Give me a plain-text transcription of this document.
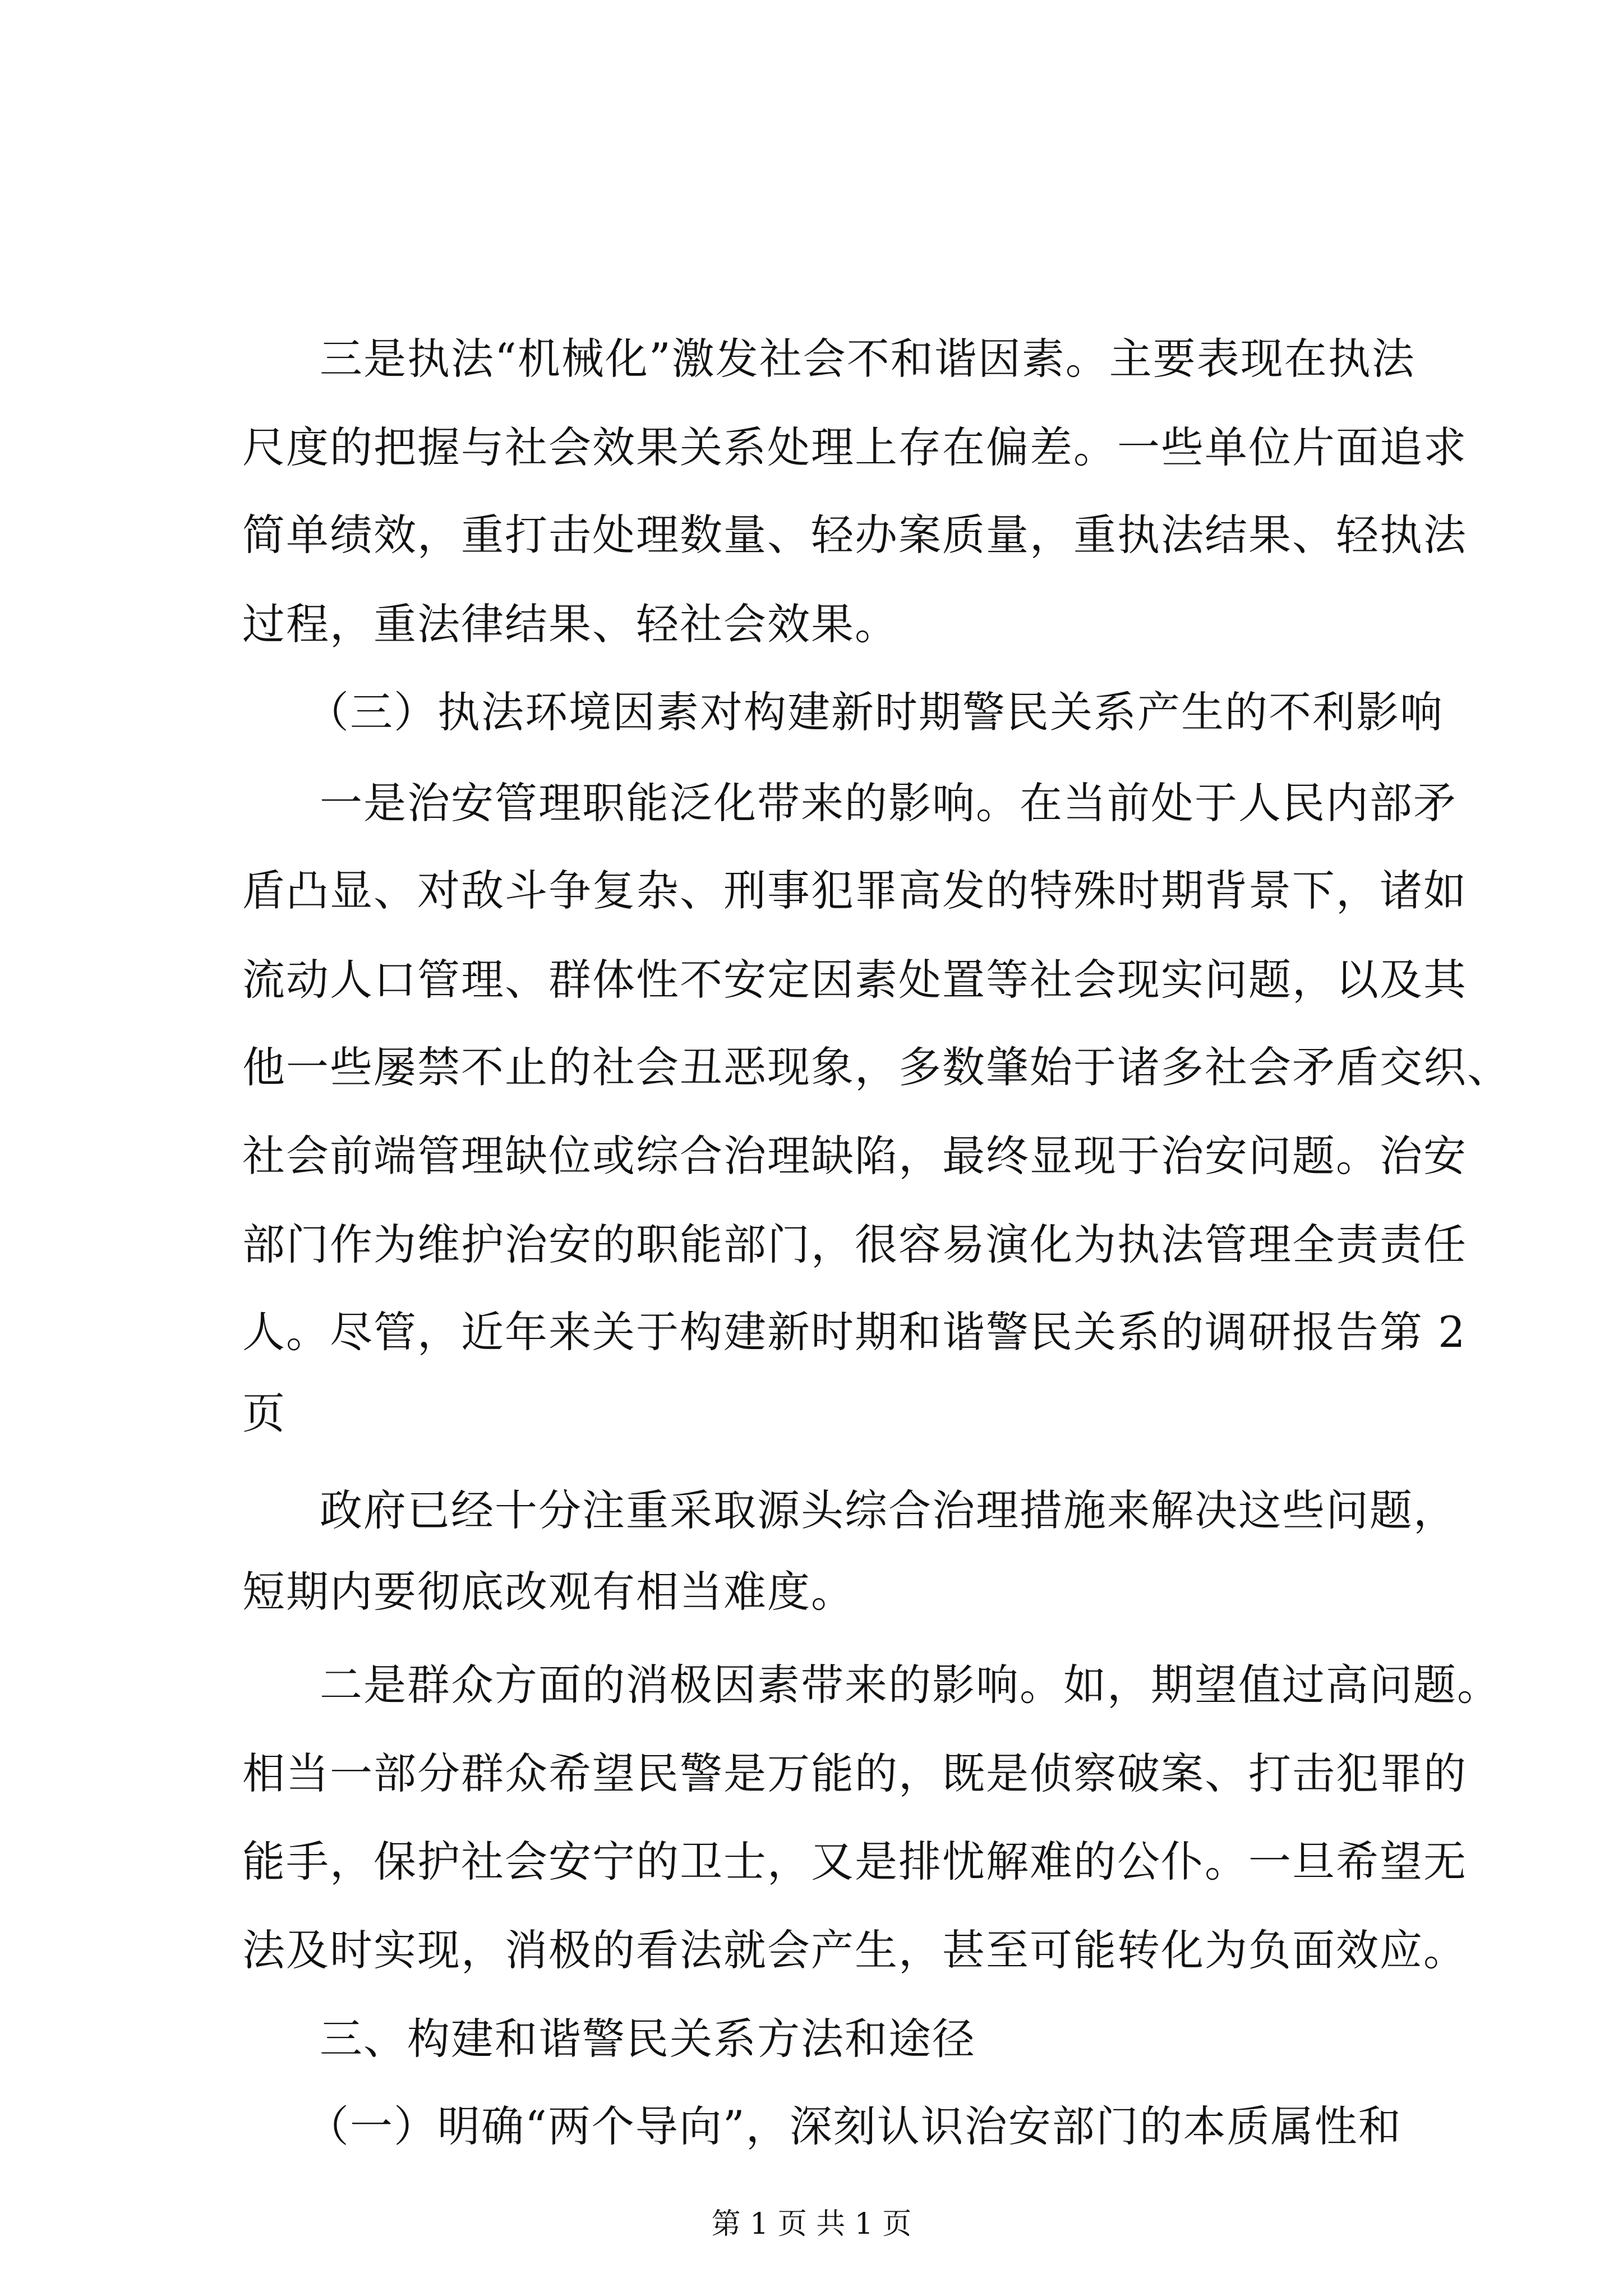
三是执法“机械化”激发社会不和谐因素。主要表现在执法
尺度的把握与社会效果关系处理上存在偏差。一些单位片面追求
简单绩效，重打击处理数量、轻办案质量，重执法结果、轻执法
过程，重法律结果、轻社会效果。
（三）执法环境因素对构建新时期警民关系产生的不利影响
一是治安管理职能泛化带来的影响。在当前处于人民内部矛
盾凸显、对敌斗争复杂、刑事犯罪高发的特殊时期背景下，诸如
流动人口管理、群体性不安定因素处置等社会现实问题，以及其
他一些屡禁不止的社会丑恶现象，多数肇始于诸多社会矛盾交织、
社会前端管理缺位或综合治理缺陷，最终显现于治安问题。治安
部门作为维护治安的职能部门，很容易演化为执法管理全责责任
人。尽管，近年来关于构建新时期和谐警民关系的调研报告第 2
页
政府已经十分注重采取源头综合治理措施来解决这些问题，
短期内要彻底改观有相当难度。
二是群众方面的消极因素带来的影响。如，期望值过高问题。
相当一部分群众希望民警是万能的，既是侦察破案、打击犯罪的
能手，保护社会安宁的卫士，又是排忧解难的公仆。一旦希望无
法及时实现，消极的看法就会产生，甚至可能转化为负面效应。
三、构建和谐警民关系方法和途径
（一）明确“两个导向”，深刻认识治安部门的本质属性和
第 1 页 共 1 页
